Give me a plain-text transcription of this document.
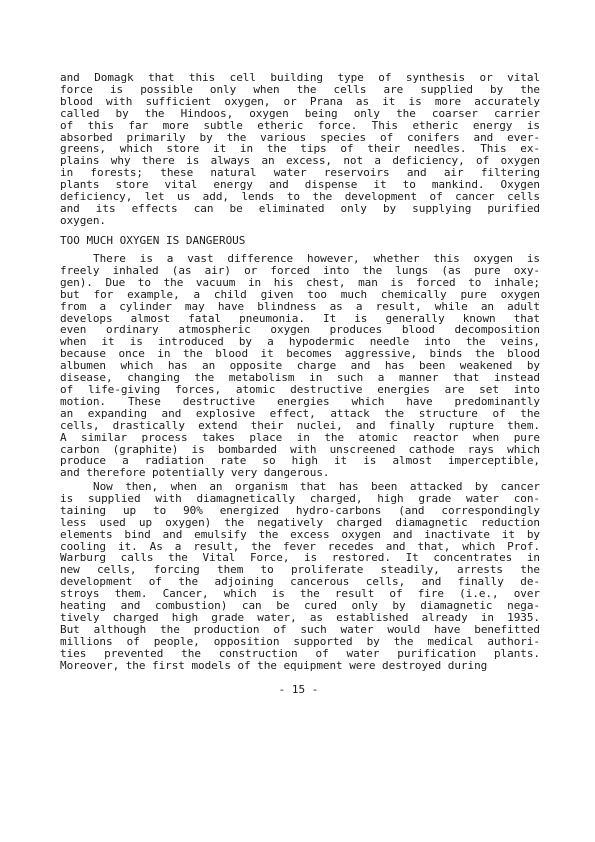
and Domagk that this cell building type of synthesis or vital
force is possible only when the cells are supplied by the
blood with sufficient oxygen, or Prana as it is more accurately
called by the Hindoos, oxygen being only the coarser carrier
of this far more subtle etheric force. This etheric energy is
absorbed primarily by the various species of conifers and ever-
greens, which store it in the tips of their needles. This ex-
plains why there is always an excess, not a deficiency, of oxygen
in forests; these natural water reservoirs and air filtering
plants store vital energy and dispense it to mankind. Oxygen
deficiency, let us add, lends to the development of cancer cells
and its effects can be eliminated only by supplying purified
oxygen.
TOO MUCH OXYGEN IS DANGEROUS
There is a vast difference however, whether this oxygen is
freely inhaled (as air) or forced into the lungs (as pure oxy-
gen). Due to the vacuum in his chest, man is forced to inhale;
but for example, a child given too much chemically pure oxygen
from a cylinder may have blindness as a result, while an adult
develops almost fatal pneumonia. It is generally known that
even ordinary atmospheric oxygen produces blood decomposition
when it is introduced by a hypodermic needle into the veins,
because once in the blood it becomes aggressive, binds the blood
albumen which has an opposite charge and has been weakened by
disease, changing the metabolism in such a manner that instead
of life-giving forces, atomic destructive energies are set into
motion. These destructive energies which have predominantly
an expanding and explosive effect, attack the structure of the
cells, drastically extend their nuclei, and finally rupture them.
A similar process takes place in the atomic reactor when pure
carbon (graphite) is bombarded with unscreened cathode rays which
produce a radiation rate so high it is almost imperceptible,
and therefore potentially very dangerous.
Now then, when an organism that has been attacked by cancer
is supplied with diamagnetically charged, high grade water con-
taining up to 90% energized hydro-carbons (and correspondingly
less used up oxygen) the negatively charged diamagnetic reduction
elements bind and emulsify the excess oxygen and inactivate it by
cooling it. As a result, the fever recedes and that, which Prof.
Warburg calls the Vital Force, is restored. It concentrates in
new cells, forcing them to proliferate steadily, arrests the
development of the adjoining cancerous cells, and finally de-
stroys them. Cancer, which is the result of fire (i.e., over
heating and combustion) can be cured only by diamagnetic nega-
tively charged high grade water, as established already in 1935.
But although the production of such water would have benefitted
millions of people, opposition supported by the medical authori-
ties prevented the construction of water purification plants.
Moreover, the first models of the equipment were destroyed during
- 15 -
